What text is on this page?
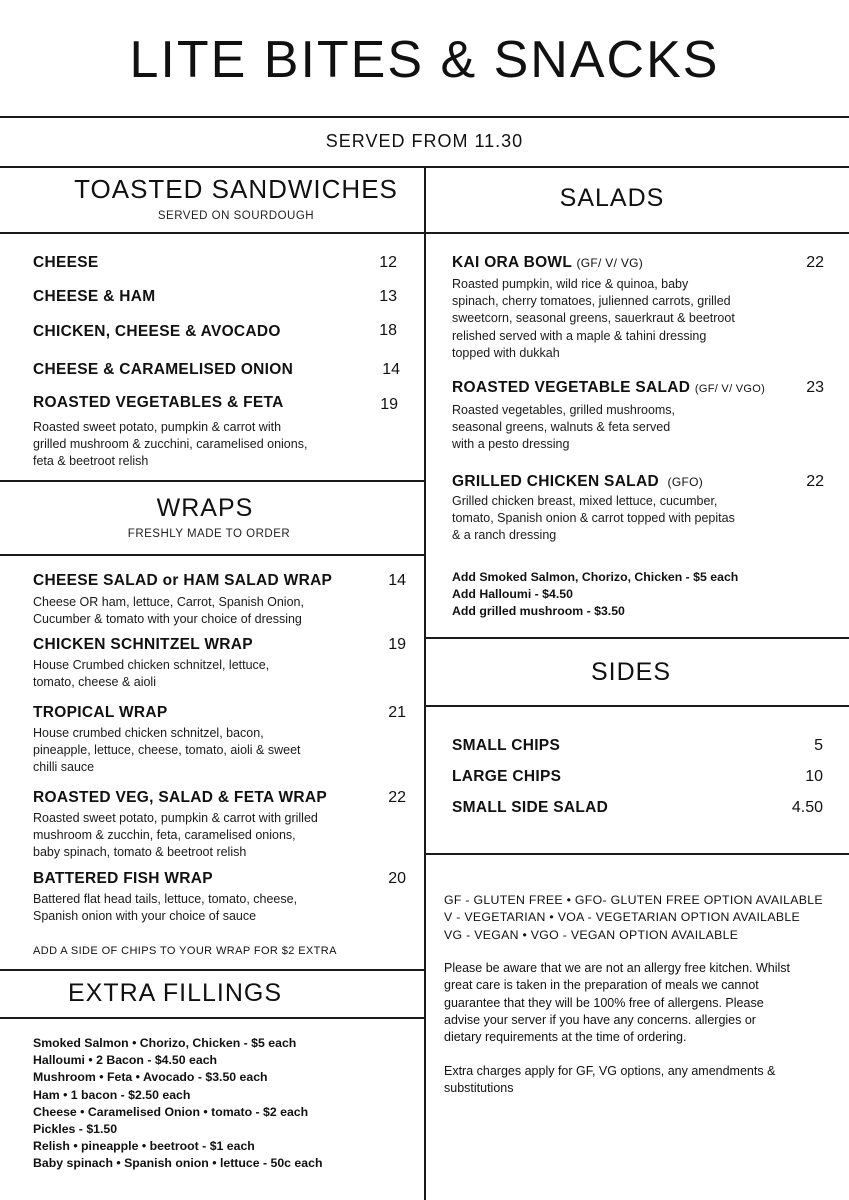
LITE BITES & SNACKS
SERVED FROM 11.30
TOASTED SANDWICHES
SERVED ON SOURDOUGH
CHEESE	12
CHEESE & HAM	13
CHICKEN, CHEESE & AVOCADO	18
CHEESE & CARAMELISED ONION	14
ROASTED VEGETABLES & FETA	19
Roasted sweet potato, pumpkin & carrot with
grilled mushroom & zucchini, caramelised onions,
feta & beetroot relish
WRAPS
FRESHLY MADE TO ORDER
CHEESE SALAD or HAM SALAD WRAP	14
Cheese OR ham, lettuce, Carrot, Spanish Onion,
Cucumber & tomato with your choice of dressing
CHICKEN SCHNITZEL WRAP	19
House Crumbed chicken schnitzel, lettuce,
tomato, cheese & aioli
TROPICAL WRAP	21
House crumbed chicken schnitzel, bacon,
pineapple, lettuce, cheese, tomato, aioli & sweet
chilli sauce
ROASTED VEG, SALAD & FETA WRAP	22
Roasted sweet potato, pumpkin & carrot with grilled
mushroom & zucchin, feta, caramelised onions,
baby spinach, tomato & beetroot relish
BATTERED FISH WRAP	20
Battered flat head tails, lettuce, tomato, cheese,
Spanish onion with your choice of sauce
ADD A SIDE OF CHIPS TO YOUR WRAP FOR $2 EXTRA
EXTRA FILLINGS
Smoked Salmon • Chorizo, Chicken - $5 each
Halloumi • 2 Bacon - $4.50 each
Mushroom • Feta • Avocado - $3.50 each
Ham • 1 bacon - $2.50 each
Cheese • Caramelised Onion • tomato - $2 each
Pickles - $1.50
Relish • pineapple • beetroot - $1 each
Baby spinach • Spanish onion • lettuce - 50c each
SALADS
KAI ORA BOWL (GF/ V/ VG)	22
Roasted pumpkin, wild rice & quinoa, baby
spinach, cherry tomatoes, julienned carrots, grilled
sweetcorn, seasonal greens, sauerkraut & beetroot
relished served with a maple & tahini dressing
topped with dukkah
ROASTED VEGETABLE SALAD (GF/ V/ VGO)	23
Roasted vegetables, grilled mushrooms,
seasonal greens, walnuts & feta served
with a pesto dressing
GRILLED CHICKEN SALAD (GFO)	22
Grilled chicken breast, mixed lettuce, cucumber,
tomato, Spanish onion & carrot topped with pepitas
& a ranch dressing
Add Smoked Salmon, Chorizo, Chicken - $5 each
Add Halloumi - $4.50
Add grilled mushroom - $3.50
SIDES
SMALL CHIPS	5
LARGE CHIPS	10
SMALL SIDE SALAD	4.50
GF - GLUTEN FREE • GFO- GLUTEN FREE OPTION AVAILABLE
V - VEGETARIAN • VOA - VEGETARIAN OPTION AVAILABLE
VG - VEGAN • VGO - VEGAN OPTION AVAILABLE
Please be aware that we are not an allergy free kitchen. Whilst
great care is taken in the preparation of meals we cannot
guarantee that they will be 100% free of allergens. Please
advise your server if you have any concerns. allergies or
dietary requirements at the time of ordering.
Extra charges apply for GF, VG options, any amendments &
substitutions
